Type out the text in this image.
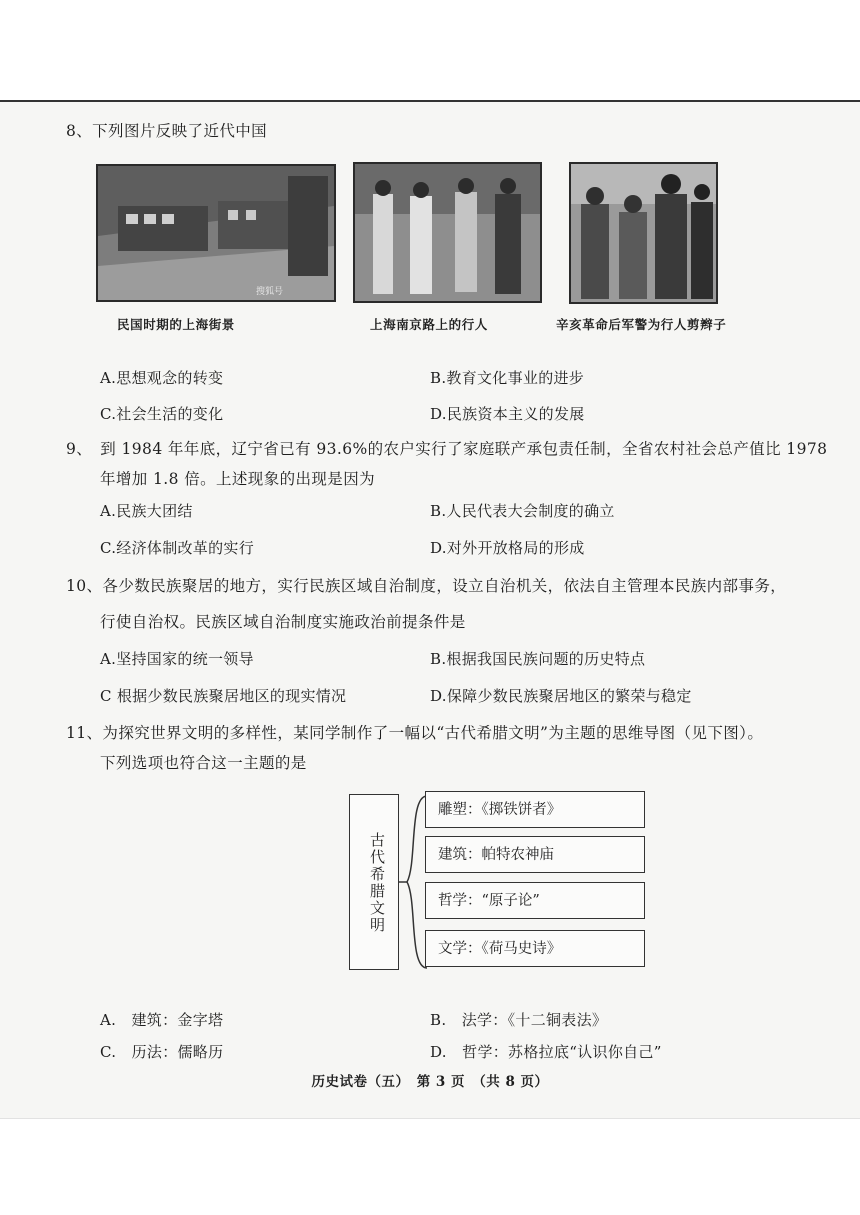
8、下列图片反映了近代中国
搜狐号
民国时期的上海街景	上海南京路上的行人	辛亥革命后军警为行人剪辫子
A.思想观念的转变	B.教育文化事业的进步
C.社会生活的变化	D.民族资本主义的发展
9、　到 1984 年年底，辽宁省已有 93.6%的农户实行了家庭联产承包责任制，全省农村社会总产值比 1978
年增加 1.8 倍。上述现象的出现是因为
A.民族大团结	B.人民代表大会制度的确立
C.经济体制改革的实行	D.对外开放格局的形成
10、各少数民族聚居的地方，实行民族区域自治制度，设立自治机关，依法自主管理本民族内部事务，
行使自治权。民族区域自治制度实施政治前提条件是
A.坚持国家的统一领导	B.根据我国民族问题的历史特点
C 根据少数民族聚居地区的现实情况	D.保障少数民族聚居地区的繁荣与稳定
11、为探究世界文明的多样性，某同学制作了一幅以“古代希腊文明”为主题的思维导图（见下图）。
下列选项也符合这一主题的是
古代希腊文明
雕塑：《掷铁饼者》
建筑：帕特农神庙
哲学：“原子论”
文学：《荷马史诗》
A.　建筑：金字塔	B.　法学：《十二铜表法》
C.　历法：儒略历	D.　哲学：苏格拉底“认识你自己”
历史试卷（五）　第 3 页　（共 8 页）
